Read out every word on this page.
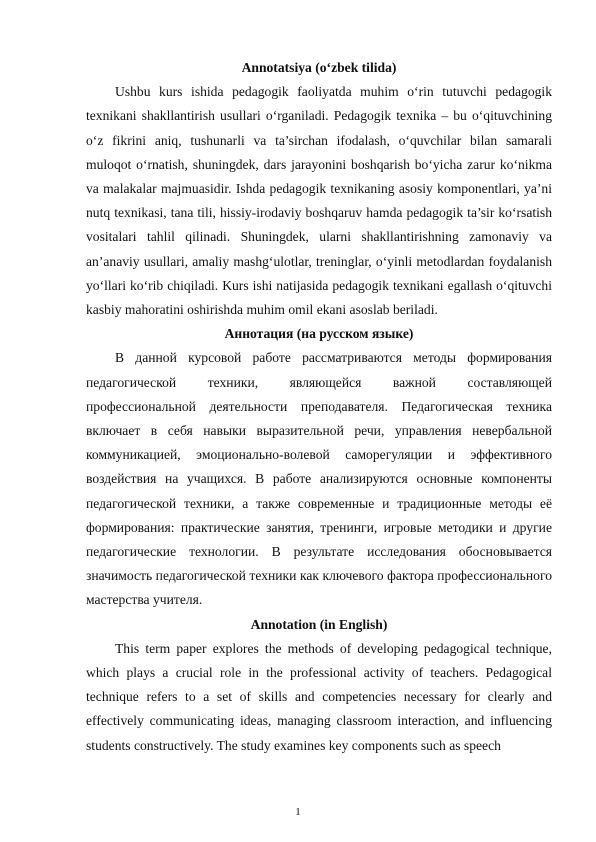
Annotatsiya (o‘zbek tilida)

Ushbu kurs ishida pedagogik faoliyatda muhim o‘rin tutuvchi pedagogik texnikani shakllantirish usullari o‘rganiladi. Pedagogik texnika – bu o‘qituvchining o‘z fikrini aniq, tushunarli va ta’sirchan ifodalash, o‘quvchilar bilan samarali muloqot o‘rnatish, shuningdek, dars jarayonini boshqarish bo‘yicha zarur ko‘nikma va malakalar majmuasidir. Ishda pedagogik texnikaning asosiy komponentlari, ya’ni nutq texnikasi, tana tili, hissiy-irodaviy boshqaruv hamda pedagogik ta’sir ko‘rsatish vositalari tahlil qilinadi. Shuningdek, ularni shakllantirishning zamonaviy va an’anaviy usullari, amaliy mashg‘ulotlar, treninglar, o‘yinli metodlardan foydalanish yo‘llari ko‘rib chiqiladi. Kurs ishi natijasida pedagogik texnikani egallash o‘qituvchi kasbiy mahoratini oshirishda muhim omil ekani asoslab beriladi.

Аннотация (на русском языке)

В данной курсовой работе рассматриваются методы формирования педагогической техники, являющейся важной составляющей профессиональной деятельности преподавателя. Педагогическая техника включает в себя навыки выразительной речи, управления невербальной коммуникацией, эмоционально-волевой саморегуляции и эффективного воздействия на учащихся. В работе анализируются основные компоненты педагогической техники, а также современные и традиционные методы её формирования: практические занятия, тренинги, игровые методики и другие педагогические технологии. В результате исследования обосновывается значимость педагогической техники как ключевого фактора профессионального мастерства учителя.

Annotation (in English)

This term paper explores the methods of developing pedagogical technique, which plays a crucial role in the professional activity of teachers. Pedagogical technique refers to a set of skills and competencies necessary for clearly and effectively communicating ideas, managing classroom interaction, and influencing students constructively. The study examines key components such as speech

1
